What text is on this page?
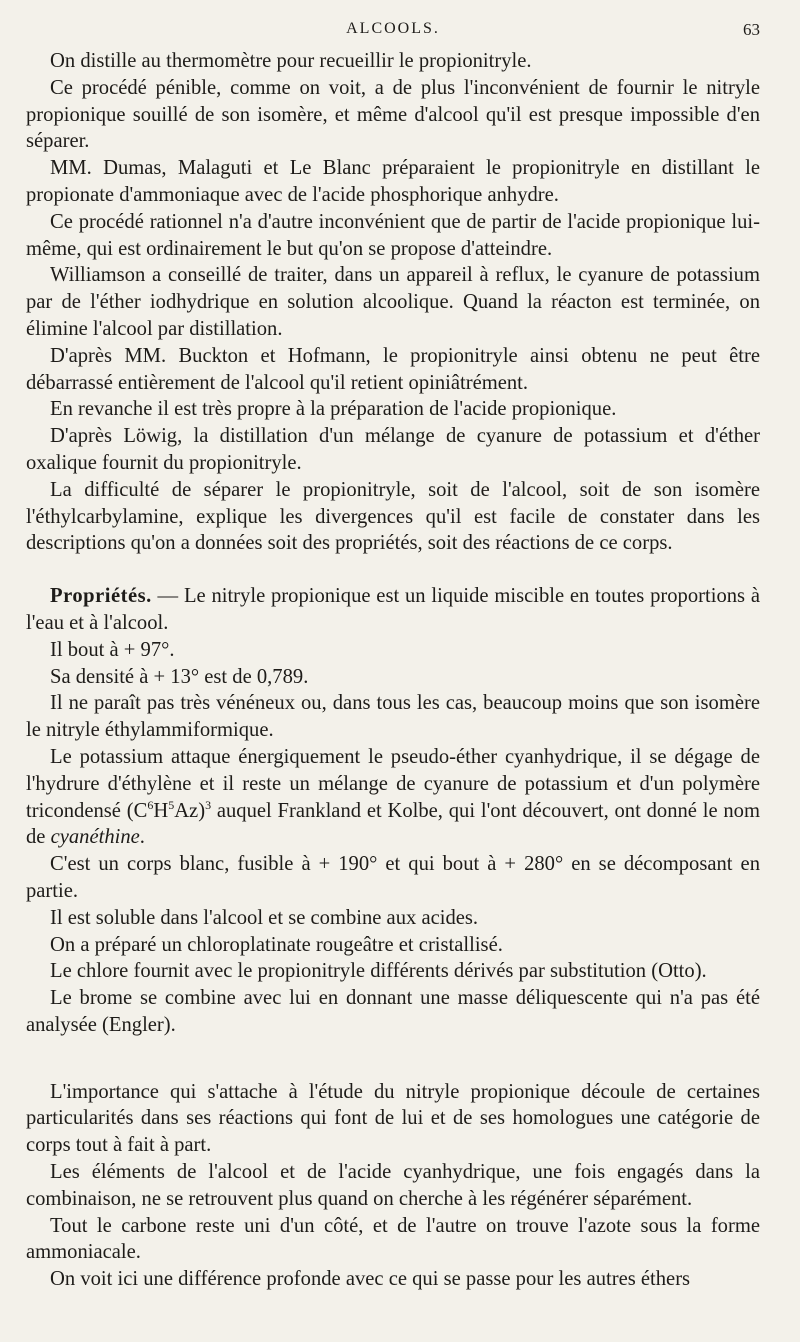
ALCOOLS.	63

On distille au thermomètre pour recueillir le propionitryle.

Ce procédé pénible, comme on voit, a de plus l'inconvénient de fournir le nitryle propionique souillé de son isomère, et même d'alcool qu'il est presque impossible d'en séparer.

MM. Dumas, Malaguti et Le Blanc préparaient le propionitryle en distillant le propionate d'ammoniaque avec de l'acide phosphorique anhydre.

Ce procédé rationnel n'a d'autre inconvénient que de partir de l'acide propionique lui-même, qui est ordinairement le but qu'on se propose d'atteindre.

Williamson a conseillé de traiter, dans un appareil à reflux, le cyanure de potassium par de l'éther iodhydrique en solution alcoolique. Quand la réacton est terminée, on élimine l'alcool par distillation.

D'après MM. Buckton et Hofmann, le propionitryle ainsi obtenu ne peut être débarrassé entièrement de l'alcool qu'il retient opiniâtrément.

En revanche il est très propre à la préparation de l'acide propionique.

D'après Löwig, la distillation d'un mélange de cyanure de potassium et d'éther oxalique fournit du propionitryle.

La difficulté de séparer le propionitryle, soit de l'alcool, soit de son isomère l'éthylcarbylamine, explique les divergences qu'il est facile de constater dans les descriptions qu'on a données soit des propriétés, soit des réactions de ce corps.

Propriétés. — Le nitryle propionique est un liquide miscible en toutes proportions à l'eau et à l'alcool.

Il bout à + 97°.

Sa densité à + 13° est de 0,789.

Il ne paraît pas très vénéneux ou, dans tous les cas, beaucoup moins que son isomère le nitryle éthylammiformique.

Le potassium attaque énergiquement le pseudo-éther cyanhydrique, il se dégage de l'hydrure d'éthylène et il reste un mélange de cyanure de potassium et d'un polymère tricondensé $(C^6H^5Az)^3$ auquel Frankland et Kolbe, qui l'ont découvert, ont donné le nom de cyanéthine.

C'est un corps blanc, fusible à + 190° et qui bout à + 280° en se décomposant en partie.

Il est soluble dans l'alcool et se combine aux acides.

On a préparé un chloroplatinate rougeâtre et cristallisé.

Le chlore fournit avec le propionitryle différents dérivés par substitution (Otto).

Le brome se combine avec lui en donnant une masse déliquescente qui n'a pas été analysée (Engler).

L'importance qui s'attache à l'étude du nitryle propionique découle de certaines particularités dans ses réactions qui font de lui et de ses homologues une catégorie de corps tout à fait à part.

Les éléments de l'alcool et de l'acide cyanhydrique, une fois engagés dans la combinaison, ne se retrouvent plus quand on cherche à les régénérer séparément.

Tout le carbone reste uni d'un côté, et de l'autre on trouve l'azote sous la forme ammoniacale.

On voit ici une différence profonde avec ce qui se passe pour les autres éthers
